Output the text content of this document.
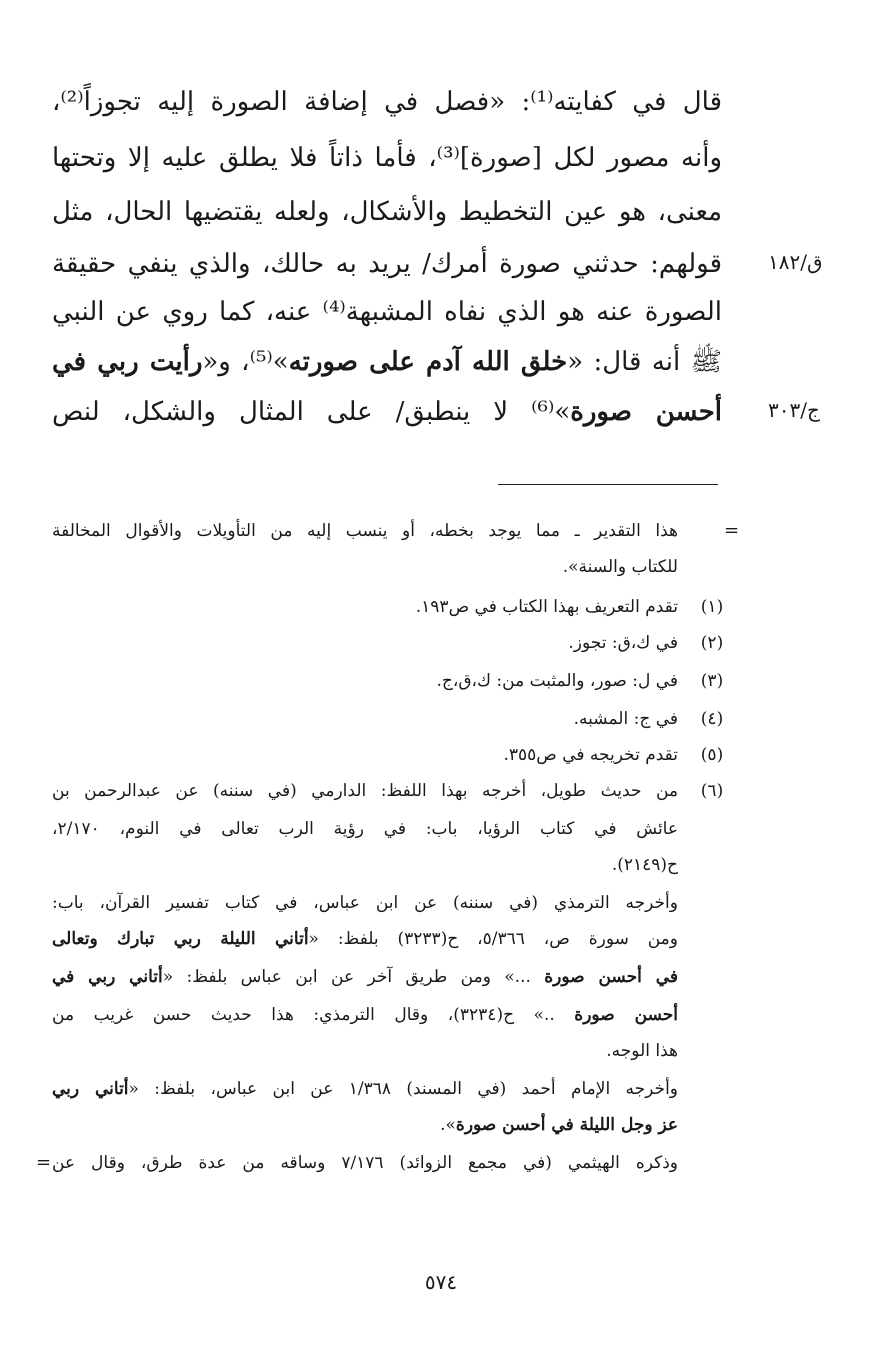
قال في كفايته⁽¹⁾: «فصل في إضافة الصورة إليه تجوزاً⁽²⁾،
وأنه مصور لكل [صورة]⁽³⁾، فأما ذاتاً فلا يطلق عليه إلا وتحتها
معنى، هو عين التخطيط والأشكال، ولعله يقتضيها الحال، مثل
قولهم: حدثني صورة أمرك/ يريد به حالك، والذي ينفي حقيقة
الصورة عنه هو الذي نفاه المشبهة⁽⁴⁾ عنه، كما روي عن النبي
ﷺ أنه قال: «خلق الله آدم على صورته»⁽⁵⁾، و«رأيت ربي في
أحسن صورة»⁽⁶⁾ لا ينطبق/ على المثال والشكل، لنص
ق/١٨٢
ج/٣٠٣
=
هذا التقدير ـ مما يوجد بخطه، أو ينسب إليه من التأويلات والأقوال المخالفة
للكتاب والسنة».
تقدم التعريف بهذا الكتاب في ص١٩٣.
في ك،ق: تجوز.
في ل: صور، والمثبت من: ك،ق،ج.
في ج: المشبه.
تقدم تخريجه في ص٣٥٥.
من حديث طويل، أخرجه بهذا اللفظ: الدارمي (في سننه) عن عبدالرحمن بن
عائش في كتاب الرؤيا، باب: في رؤية الرب تعالى في النوم، ٢/١٧٠،
ح(٢١٤٩).
وأخرجه الترمذي (في سننه) عن ابن عباس، في كتاب تفسير القرآن، باب:
ومن سورة ص، ٥/٣٦٦، ح(٣٢٣٣) بلفظ: «أتاني الليلة ربي تبارك وتعالى
في أحسن صورة ...» ومن طريق آخر عن ابن عباس بلفظ: «أتاني ربي في
أحسن صورة ..» ح(٣٢٣٤)، وقال الترمذي: هذا حديث حسن غريب من
هذا الوجه.
وأخرجه الإمام أحمد (في المسند) ١/٣٦٨ عن ابن عباس، بلفظ: «أتاني ربي
عز وجل الليلة في أحسن صورة».
وذكره الهيثمي (في مجمع الزوائد) ٧/١٧٦ وساقه من عدة طرق، وقال عن
(١)
(٢)
(٣)
(٤)
(٥)
(٦)
=
٥٧٤
